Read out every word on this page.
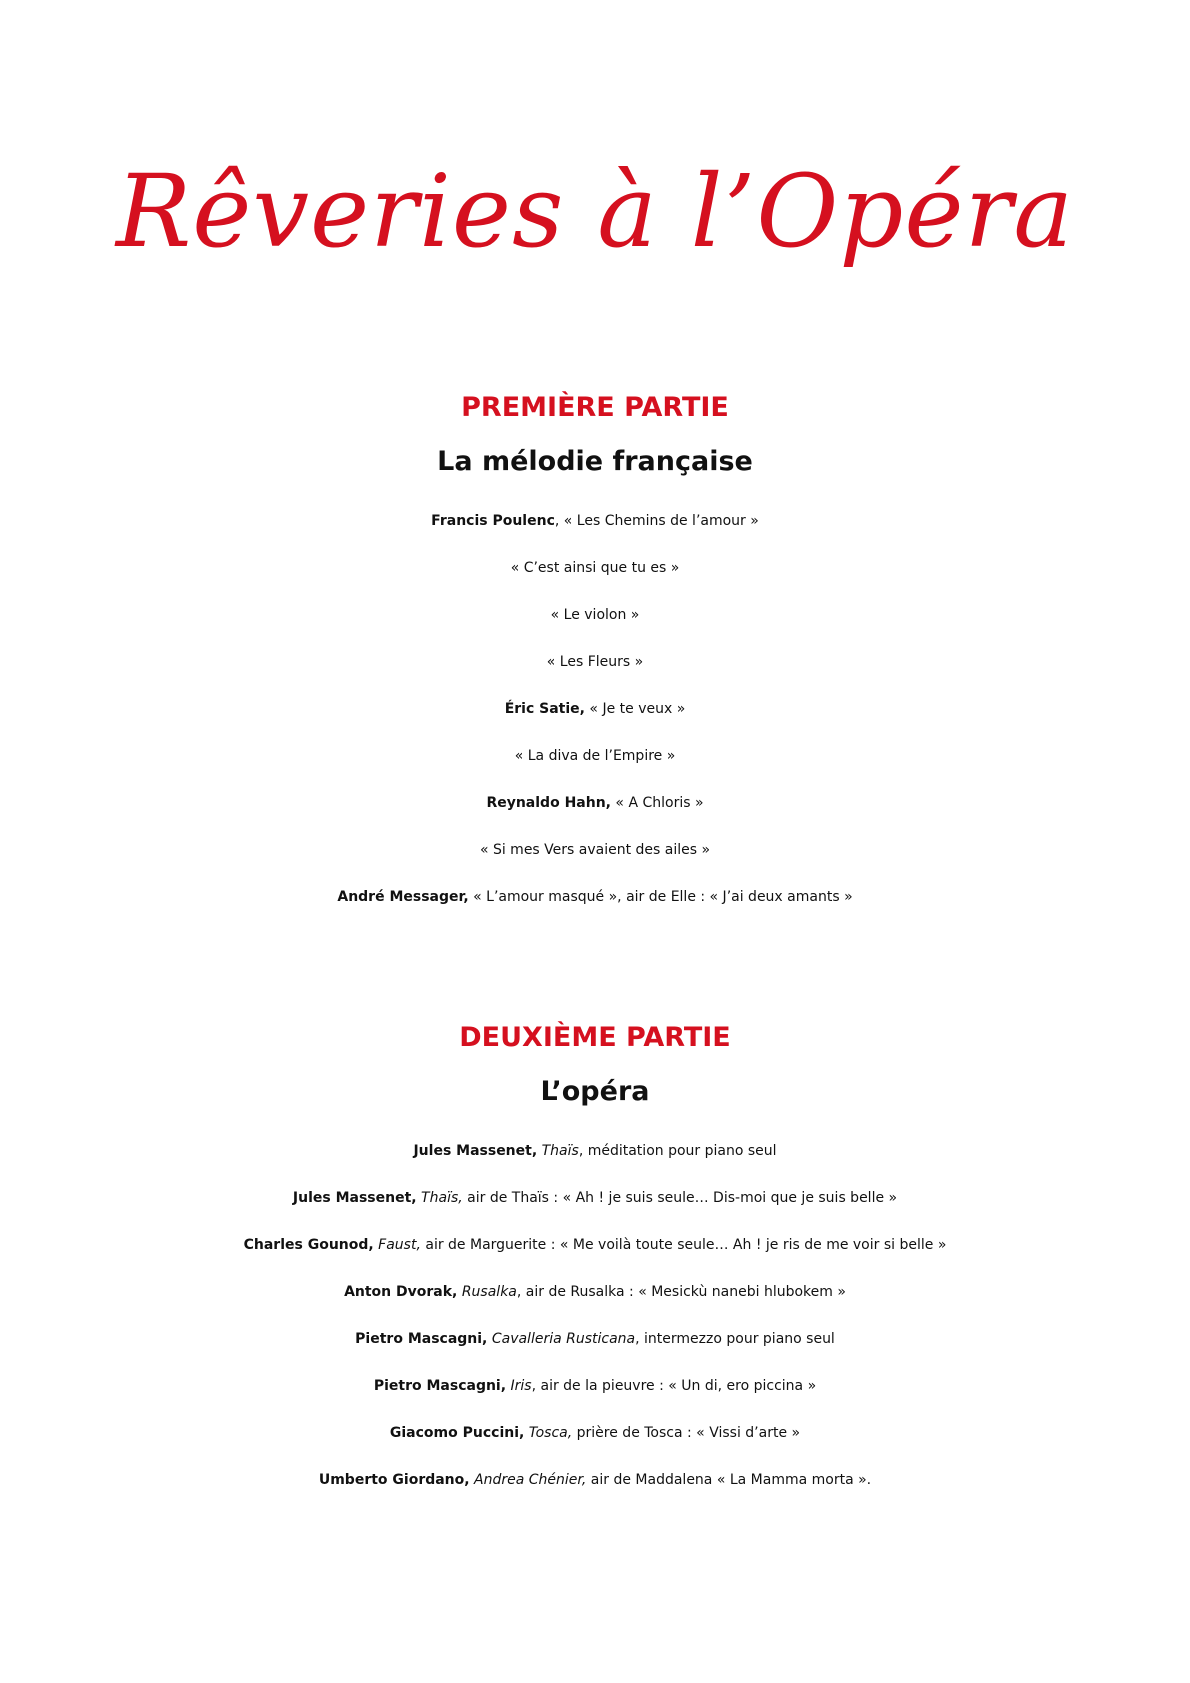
Rêveries à l’Opéra
PREMIÈRE PARTIE
La mélodie française
Francis Poulenc, « Les Chemins de l’amour »
« C’est ainsi que tu es »
« Le violon »
« Les Fleurs »
Éric Satie, « Je te veux »
« La diva de l’Empire »
Reynaldo Hahn, « A Chloris »
« Si mes Vers avaient des ailes »
André Messager, « L’amour masqué », air de Elle : « J’ai deux amants »
DEUXIÈME PARTIE
L’opéra
Jules Massenet, Thaïs, méditation pour piano seul
Jules Massenet, Thaïs, air de Thaïs : « Ah ! je suis seule… Dis-moi que je suis belle »
Charles Gounod, Faust, air de Marguerite : « Me voilà toute seule… Ah ! je ris de me voir si belle »
Anton Dvorak, Rusalka, air de Rusalka : « Mesickù nanebi hlubokem »
Pietro Mascagni, Cavalleria Rusticana, intermezzo pour piano seul
Pietro Mascagni, Iris, air de la pieuvre : « Un di, ero piccina »
Giacomo Puccini, Tosca, prière de Tosca : « Vissi d’arte »
Umberto Giordano, Andrea Chénier, air de Maddalena « La Mamma morta ».
